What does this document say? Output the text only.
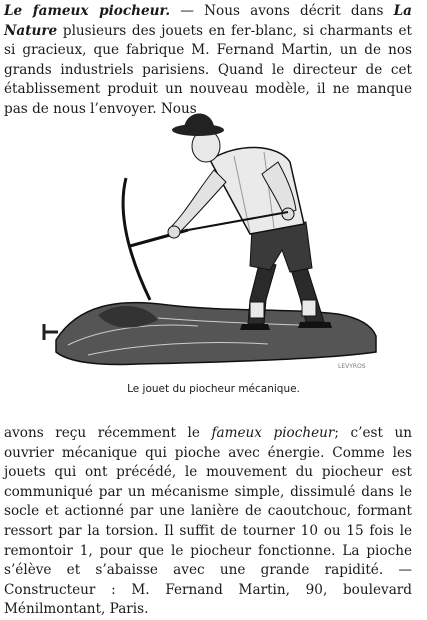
Le fameux piocheur. — Nous avons décrit dans La Nature plusieurs des jouets en fer-blanc, si charmants et si gracieux, que fabrique M. Fernand Martin, un de nos grands industriels parisiens. Quand le directeur de cet établissement produit un nouveau modèle, il ne manque pas de nous l’envoyer. Nous

LEVYROS
Le jouet du piocheur mécanique.

avons reçu récemment le fameux piocheur; c’est un ouvrier mécanique qui pioche avec énergie. Comme les jouets qui ont précédé, le mouvement du piocheur est communiqué par un mécanisme simple, dissimulé dans le socle et actionné par une lanière de caoutchouc, formant ressort par la torsion. Il suffit de tourner 10 ou 15 fois le remontoir 1, pour que le piocheur fonctionne. La pioche s’élève et s’abaisse avec une grande rapidité. — Constructeur : M. Fernand Martin, 90, boulevard Ménilmontant, Paris.
